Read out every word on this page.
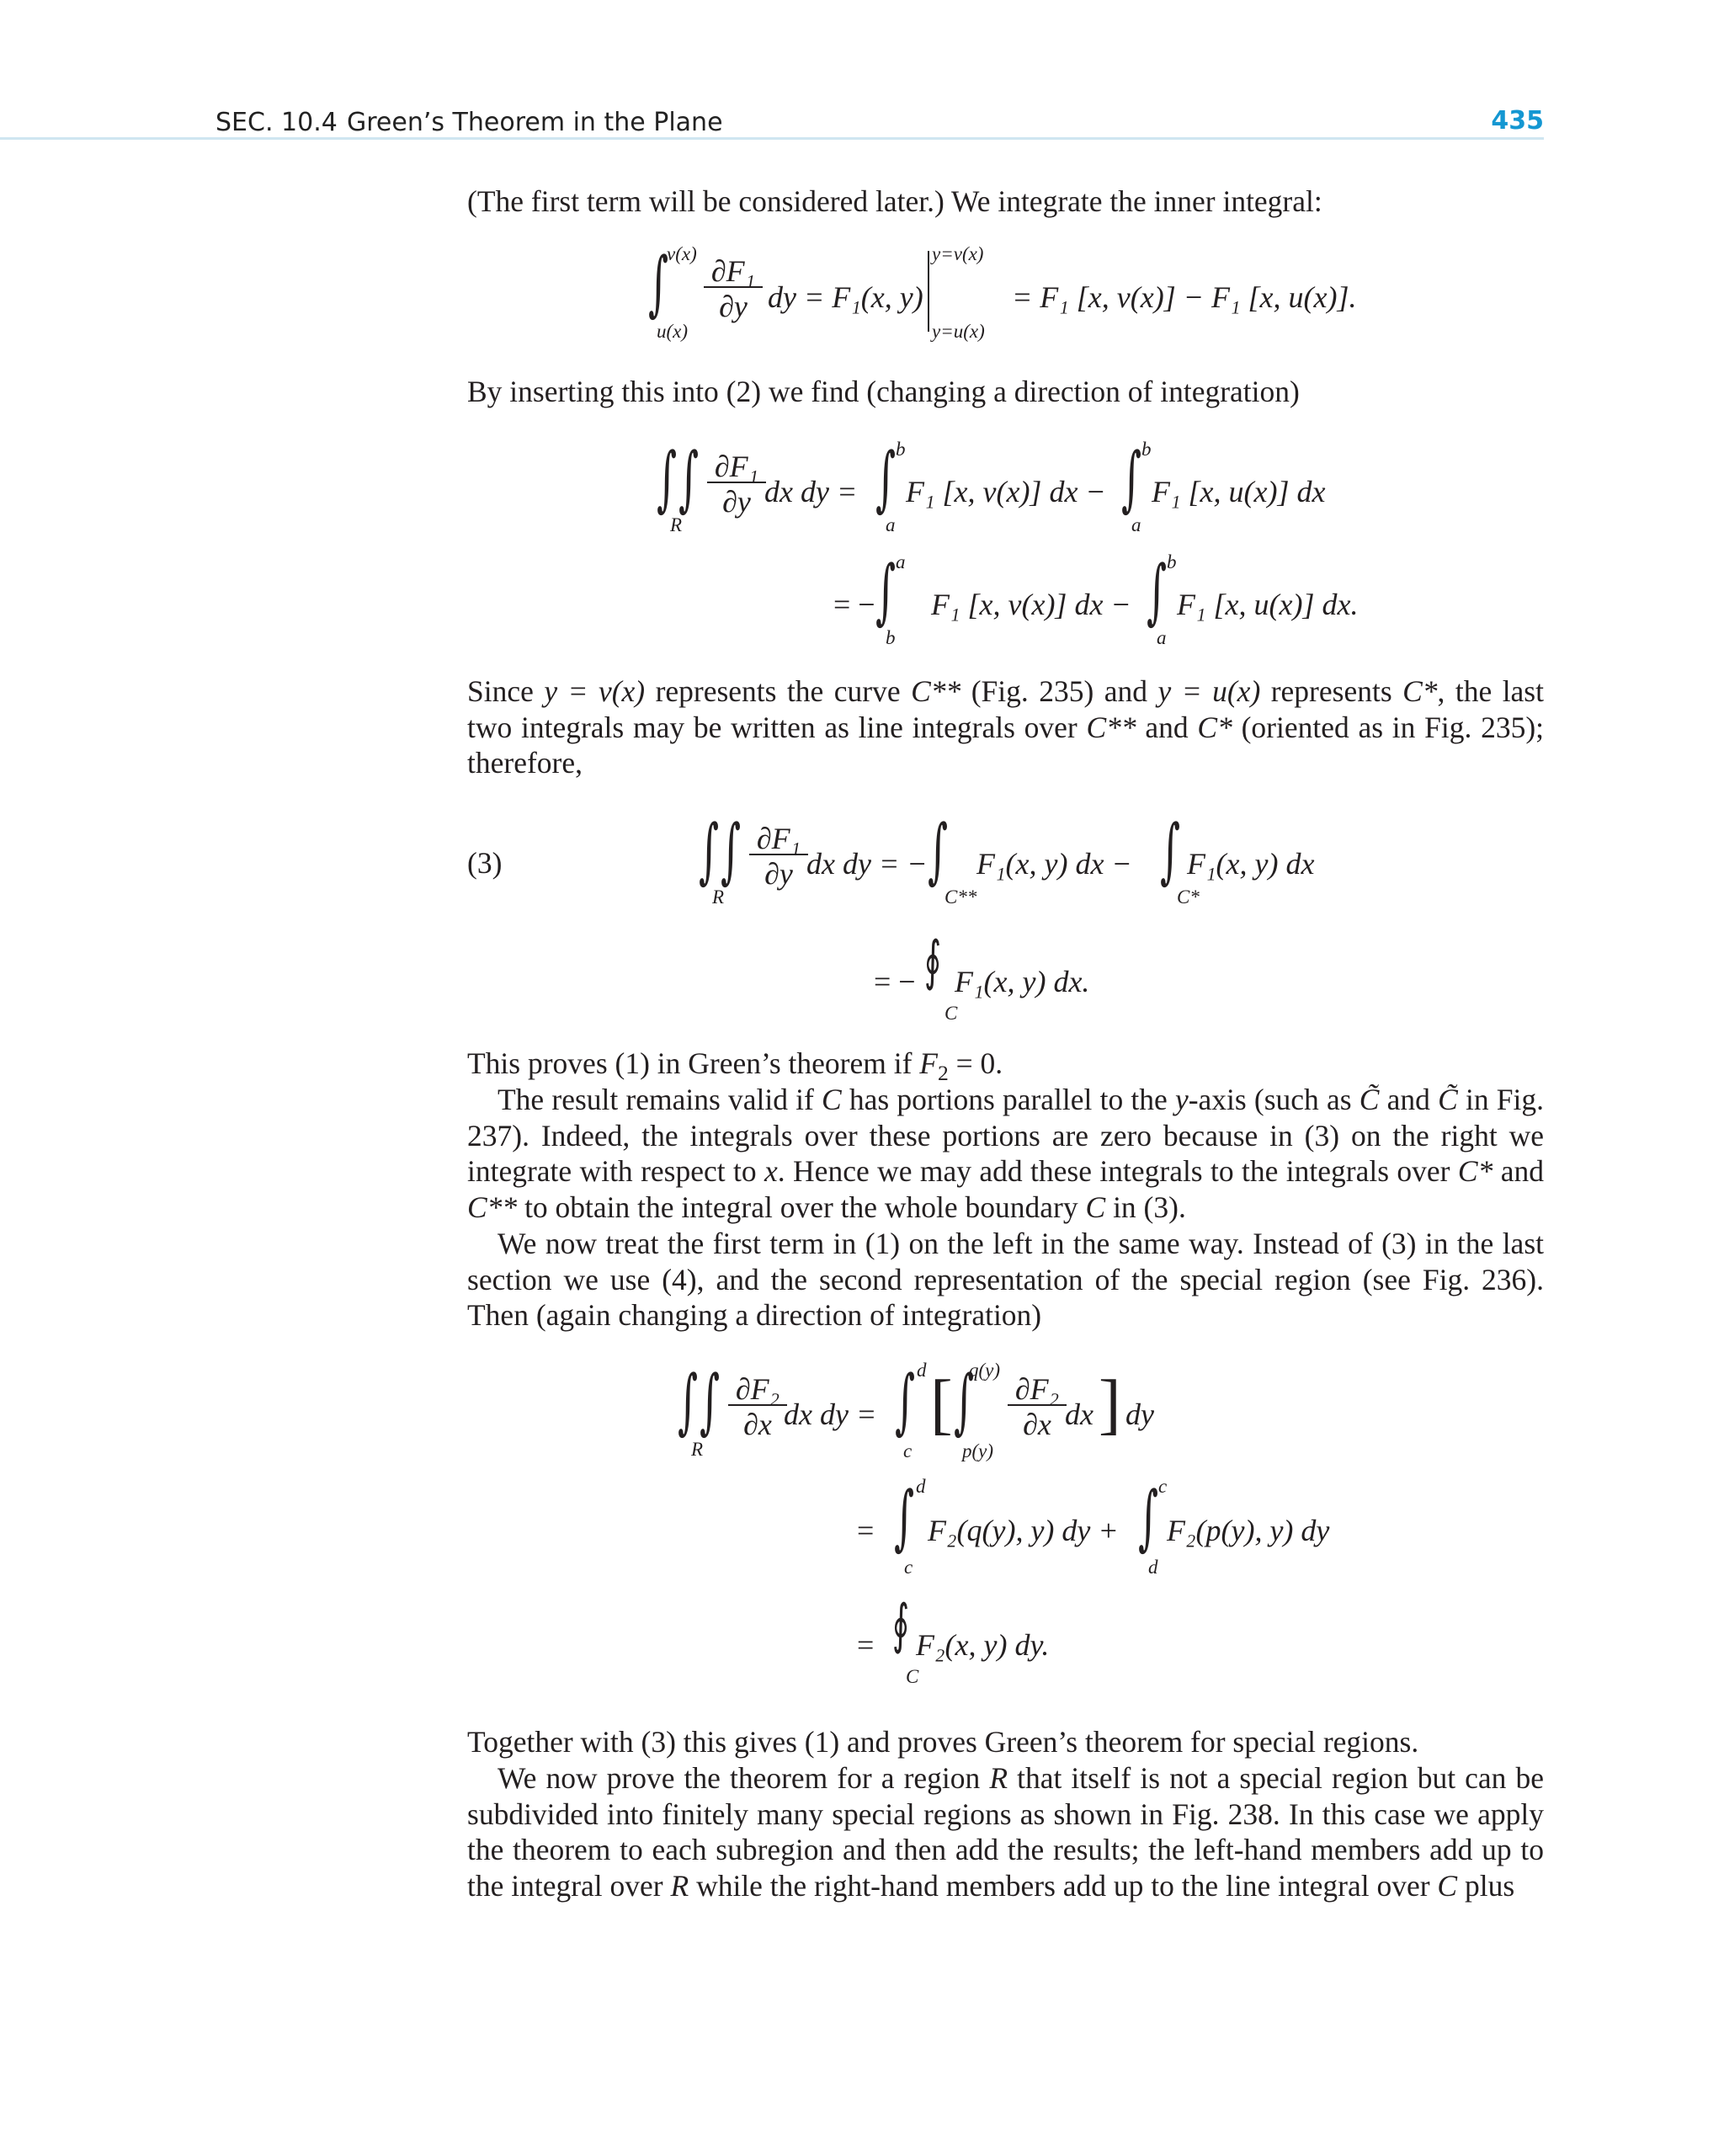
SEC. 10.4 Green’s Theorem in the Plane	435

(The first term will be considered later.) We integrate the inner integral:

∫
v(x)
u(x)
$\frac{\text{∂F₁}}{\partial y}$ dy = F₁(x, y)
y=v(x)
y=u(x)
= F₁ [x, v(x)] − F₁ [x, u(x)].

By inserting this into (2) we find (changing a direction of integration)

∫ ∫
R
$\frac{\text{∂F₁}}{\partial y}$
dx dy = ∫ b
a
F₁ [x, v(x)] dx − ∫ b
a
F₁ [x, u(x)] dx
= − ∫ a
b
F₁ [x, v(x)] dx − ∫ b
a
F₁ [x, u(x)] dx.

Since y = v(x) represents the curve C** (Fig. 235) and y = u(x) represents C*, the last two integrals may be written as line integrals over C** and C* (oriented as in Fig. 235); therefore,

(3)	∫ ∫
R
$\frac{\text{∂F₁}}{\partial y}$
dx dy = − ∫
C**
F₁(x, y) dx − ∫
C*
F₁(x, y) dx
= − ∮
C
F₁(x, y) dx.

This proves (1) in Green’s theorem if $F_2 = 0$.

The result remains valid if C has portions parallel to the y-axis (such as C̃ and C̃ in Fig. 237). Indeed, the integrals over these portions are zero because in (3) on the right we integrate with respect to x. Hence we may add these integrals to the integrals over C* and C** to obtain the integral over the whole boundary C in (3).

We now treat the first term in (1) on the left in the same way. Instead of (3) in the last section we use (4), and the second representation of the special region (see Fig. 236). Then (again changing a direction of integration)

∫ ∫
R
$\frac{\text{∂F₂}}{\partial x}$
dx dy = ∫ d
c
[ ∫
q(y)
p(y)
$\frac{\text{∂F₂}}{\partial x}$
dx ] dy
= ∫ d
c
F₂(q(y), y) dy + ∫ c
d
F₂(p(y), y) dy
= ∮
C
F₂(x, y) dy.

Together with (3) this gives (1) and proves Green’s theorem for special regions.

We now prove the theorem for a region R that itself is not a special region but can be subdivided into finitely many special regions as shown in Fig. 238. In this case we apply the theorem to each subregion and then add the results; the left-hand members add up to the integral over R while the right-hand members add up to the line integral over C plus
